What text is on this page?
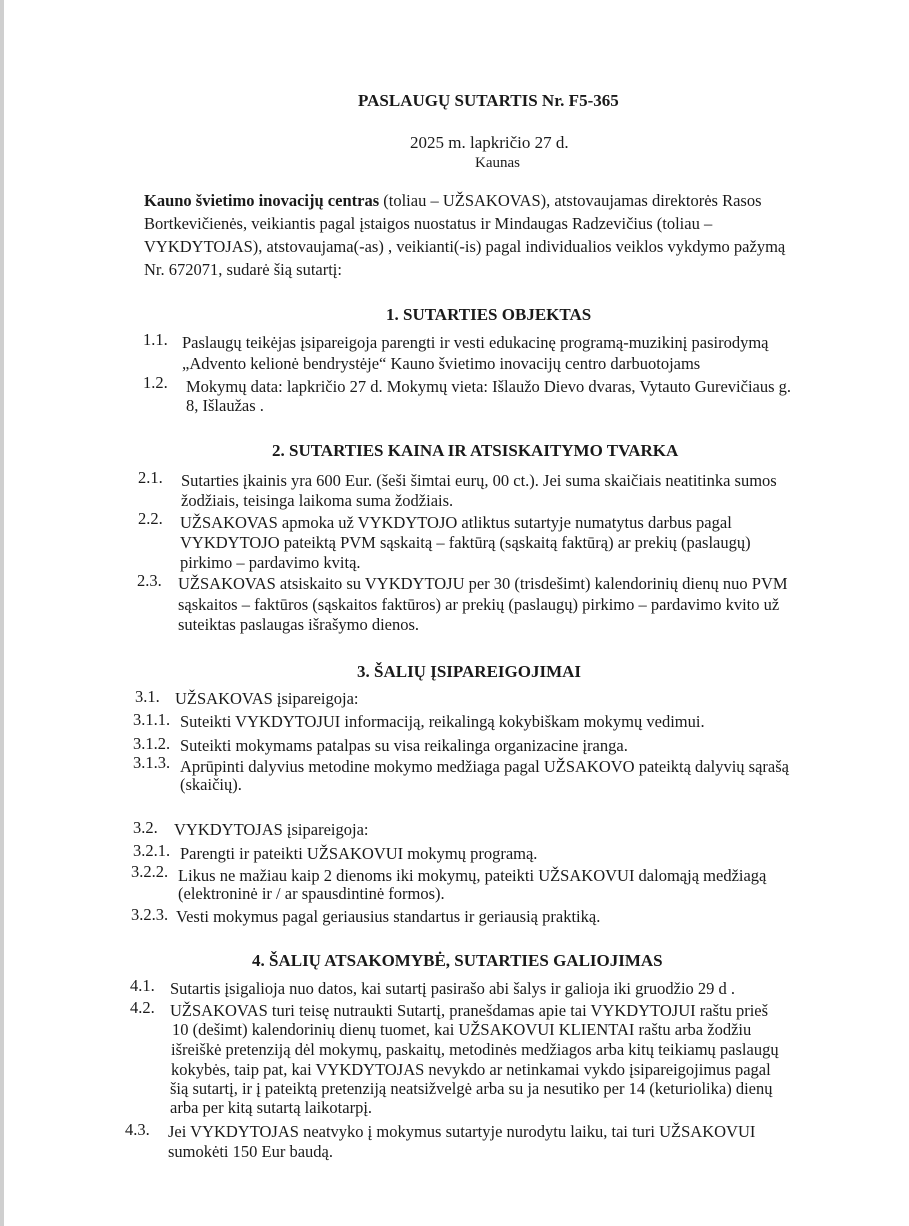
PASLAUGŲ SUTARTIS Nr. F5-365
2025 m. lapkričio 27 d.
Kaunas
Kauno švietimo inovacijų centras (toliau – UŽSAKOVAS), atstovaujamas direktorės Rasos
Bortkevičienės, veikiantis pagal įstaigos nuostatus ir Mindaugas Radzevičius (toliau –
VYKDYTOJAS), atstovaujama(-as) , veikianti(-is) pagal individualios veiklos vykdymo pažymą
Nr. 672071, sudarė šią sutartį:
1. SUTARTIES OBJEKTAS
1.1. Paslaugų teikėjas įsipareigoja parengti ir vesti edukacinę programą-muzikinį pasirodymą
„Advento kelionė bendrystėje“ Kauno švietimo inovacijų centro darbuotojams
1.2. Mokymų data: lapkričio 27 d. Mokymų vieta: Išlaužo Dievo dvaras, Vytauto Gurevičiaus g.
8, Išlaužas .
2. SUTARTIES KAINA IR ATSISKAITYMO TVARKA
2.1. Sutarties įkainis yra 600 Eur. (šeši šimtai eurų, 00 ct.). Jei suma skaičiais neatitinka sumos
žodžiais, teisinga laikoma suma žodžiais.
2.2. UŽSAKOVAS apmoka už VYKDYTOJO atliktus sutartyje numatytus darbus pagal
VYKDYTOJO pateiktą PVM sąskaitą – faktūrą (sąskaitą faktūrą) ar prekių (paslaugų)
pirkimo – pardavimo kvitą.
2.3. UŽSAKOVAS atsiskaito su VYKDYTOJU per 30 (trisdešimt) kalendorinių dienų nuo PVM
sąskaitos – faktūros (sąskaitos faktūros) ar prekių (paslaugų) pirkimo – pardavimo kvito už
suteiktas paslaugas išrašymo dienos.
3. ŠALIŲ ĮSIPAREIGOJIMAI
3.1. UŽSAKOVAS įsipareigoja:
3.1.1. Suteikti VYKDYTOJUI informaciją, reikalingą kokybiškam mokymų vedimui.
3.1.2. Suteikti mokymams patalpas su visa reikalinga organizacine įranga.
3.1.3. Aprūpinti dalyvius metodine mokymo medžiaga pagal UŽSAKOVO pateiktą dalyvių sąrašą
(skaičių).
3.2. VYKDYTOJAS įsipareigoja:
3.2.1. Parengti ir pateikti UŽSAKOVUI mokymų programą.
3.2.2. Likus ne mažiau kaip 2 dienoms iki mokymų, pateikti UŽSAKOVUI dalomąją medžiagą
(elektroninė ir / ar spausdintinė formos).
3.2.3. Vesti mokymus pagal geriausius standartus ir geriausią praktiką.
4. ŠALIŲ ATSAKOMYBĖ, SUTARTIES GALIOJIMAS
4.1. Sutartis įsigalioja nuo datos, kai sutartį pasirašo abi šalys ir galioja iki gruodžio 29 d .
4.2. UŽSAKOVAS turi teisę nutraukti Sutartį, pranešdamas apie tai VYKDYTOJUI raštu prieš
10 (dešimt) kalendorinių dienų tuomet, kai UŽSAKOVUI KLIENTAI raštu arba žodžiu
išreiškė pretenziją dėl mokymų, paskaitų, metodinės medžiagos arba kitų teikiamų paslaugų
kokybės, taip pat, kai VYKDYTOJAS nevykdo ar netinkamai vykdo įsipareigojimus pagal
šią sutartį, ir į pateiktą pretenziją neatsižvelgė arba su ja nesutiko per 14 (keturiolika) dienų
arba per kitą sutartą laikotarpį.
4.3. Jei VYKDYTOJAS neatvyko į mokymus sutartyje nurodytu laiku, tai turi UŽSAKOVUI
sumokėti 150 Eur baudą.
